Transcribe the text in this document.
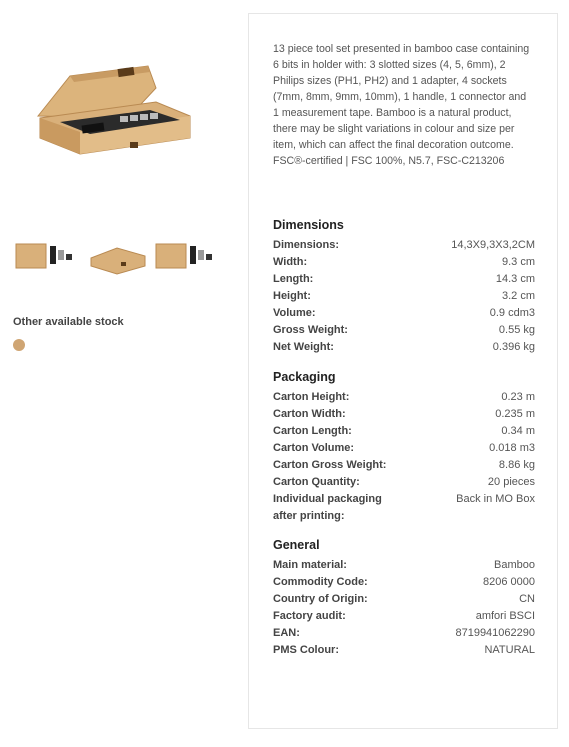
Other available stock
13 piece tool set presented in bamboo case containing 6 bits in holder with: 3 slotted sizes (4, 5, 6mm), 2 Philips sizes (PH1, PH2) and 1 adapter, 4 sockets (7mm, 8mm, 9mm, 10mm), 1 handle, 1 connector and 1 measurement tape. Bamboo is a natural product, there may be slight variations in colour and size per item, which can affect the final decoration outcome. FSC®-certified | FSC 100%, N5.7, FSC-C213206
Dimensions
Dimensions:	14,3X9,3X3,2CM
Width:	9.3 cm
Length:	14.3 cm
Height:	3.2 cm
Volume:	0.9 cdm3
Gross Weight:	0.55 kg
Net Weight:	0.396 kg
Packaging
Carton Height:	0.23 m
Carton Width:	0.235 m
Carton Length:	0.34 m
Carton Volume:	0.018 m3
Carton Gross Weight:	8.86 kg
Carton Quantity:	20 pieces
Individual packaging after printing:
Back in MO Box
General
Main material:	Bamboo
Commodity Code:	8206 0000
Country of Origin:	CN
Factory audit:	amfori BSCI
EAN:	8719941062290
PMS Colour:	NATURAL
